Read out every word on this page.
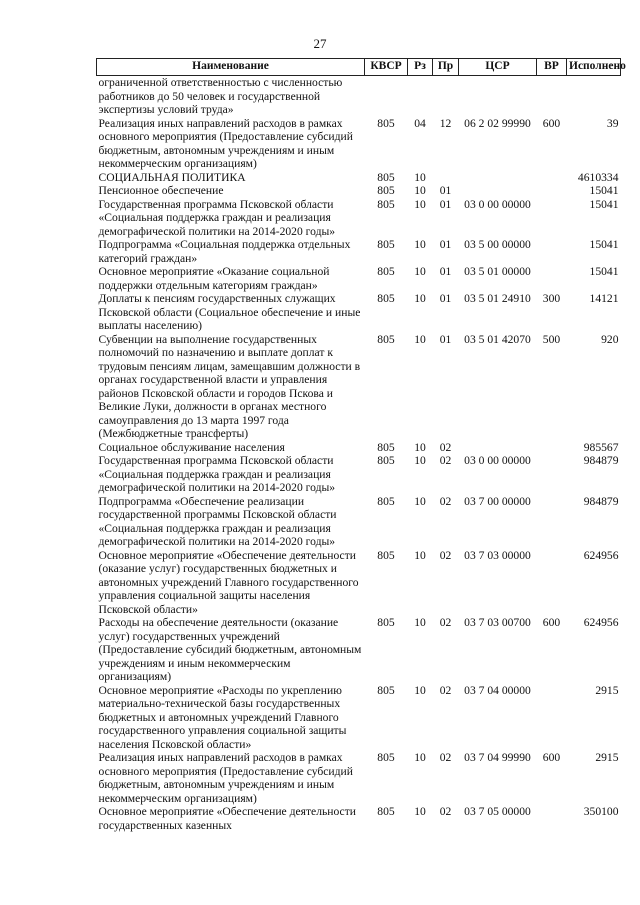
27
Наименование	КВСР	Рз	Пр	ЦСР	ВР	Исполнено
ограниченной ответственностью с численностью работников до 50 человек и государственной экспертизы условий труда»						
Реализация иных направлений расходов в рамках основного мероприятия (Предоставление субсидий бюджетным, автономным учреждениям и иным некоммерческим организациям)	805	04	12	06 2 02 99990	600	39
СОЦИАЛЬНАЯ ПОЛИТИКА	805	10				4610334
Пенсионное обеспечение	805	10	01			15041
Государственная программа Псковской области «Социальная поддержка граждан и реализация демографической политики на 2014-2020 годы»	805	10	01	03 0 00 00000		15041
Подпрограмма «Социальная поддержка отдельных категорий граждан»	805	10	01	03 5 00 00000		15041
Основное мероприятие «Оказание социальной поддержки отдельным категориям граждан»	805	10	01	03 5 01 00000		15041
Доплаты к пенсиям государственных служащих Псковской области (Социальное обеспечение и иные выплаты населению)	805	10	01	03 5 01 24910	300	14121
Субвенции на выполнение государственных полномочий по назначению и выплате доплат к трудовым пенсиям лицам, замещавшим должности в органах государственной власти и управления районов Псковской области и городов Пскова и Великие Луки, должности в органах местного самоуправления до 13 марта 1997 года (Межбюджетные трансферты)	805	10	01	03 5 01 42070	500	920
Социальное обслуживание населения	805	10	02			985567
Государственная программа Псковской области «Социальная поддержка граждан и реализация демографической политики на 2014-2020 годы»	805	10	02	03 0 00 00000		984879
Подпрограмма «Обеспечение реализации государственной программы Псковской области «Социальная поддержка граждан и реализация демографической политики на 2014-2020 годы»	805	10	02	03 7 00 00000		984879
Основное мероприятие «Обеспечение деятельности (оказание услуг) государственных бюджетных и автономных учреждений Главного государственного управления социальной защиты населения Псковской области»	805	10	02	03 7 03 00000		624956
Расходы на обеспечение деятельности (оказание услуг) государственных учреждений (Предоставление субсидий бюджетным, автономным учреждениям и иным некоммерческим организациям)	805	10	02	03 7 03 00700	600	624956
Основное мероприятие «Расходы по укреплению материально-технической базы государственных бюджетных и автономных учреждений Главного государственного управления социальной защиты населения Псковской области»	805	10	02	03 7 04 00000		2915
Реализация иных направлений расходов в рамках основного мероприятия (Предоставление субсидий бюджетным, автономным учреждениям и иным некоммерческим организациям)	805	10	02	03 7 04 99990	600	2915
Основное мероприятие «Обеспечение деятельности государственных казенных	805	10	02	03 7 05 00000		350100
